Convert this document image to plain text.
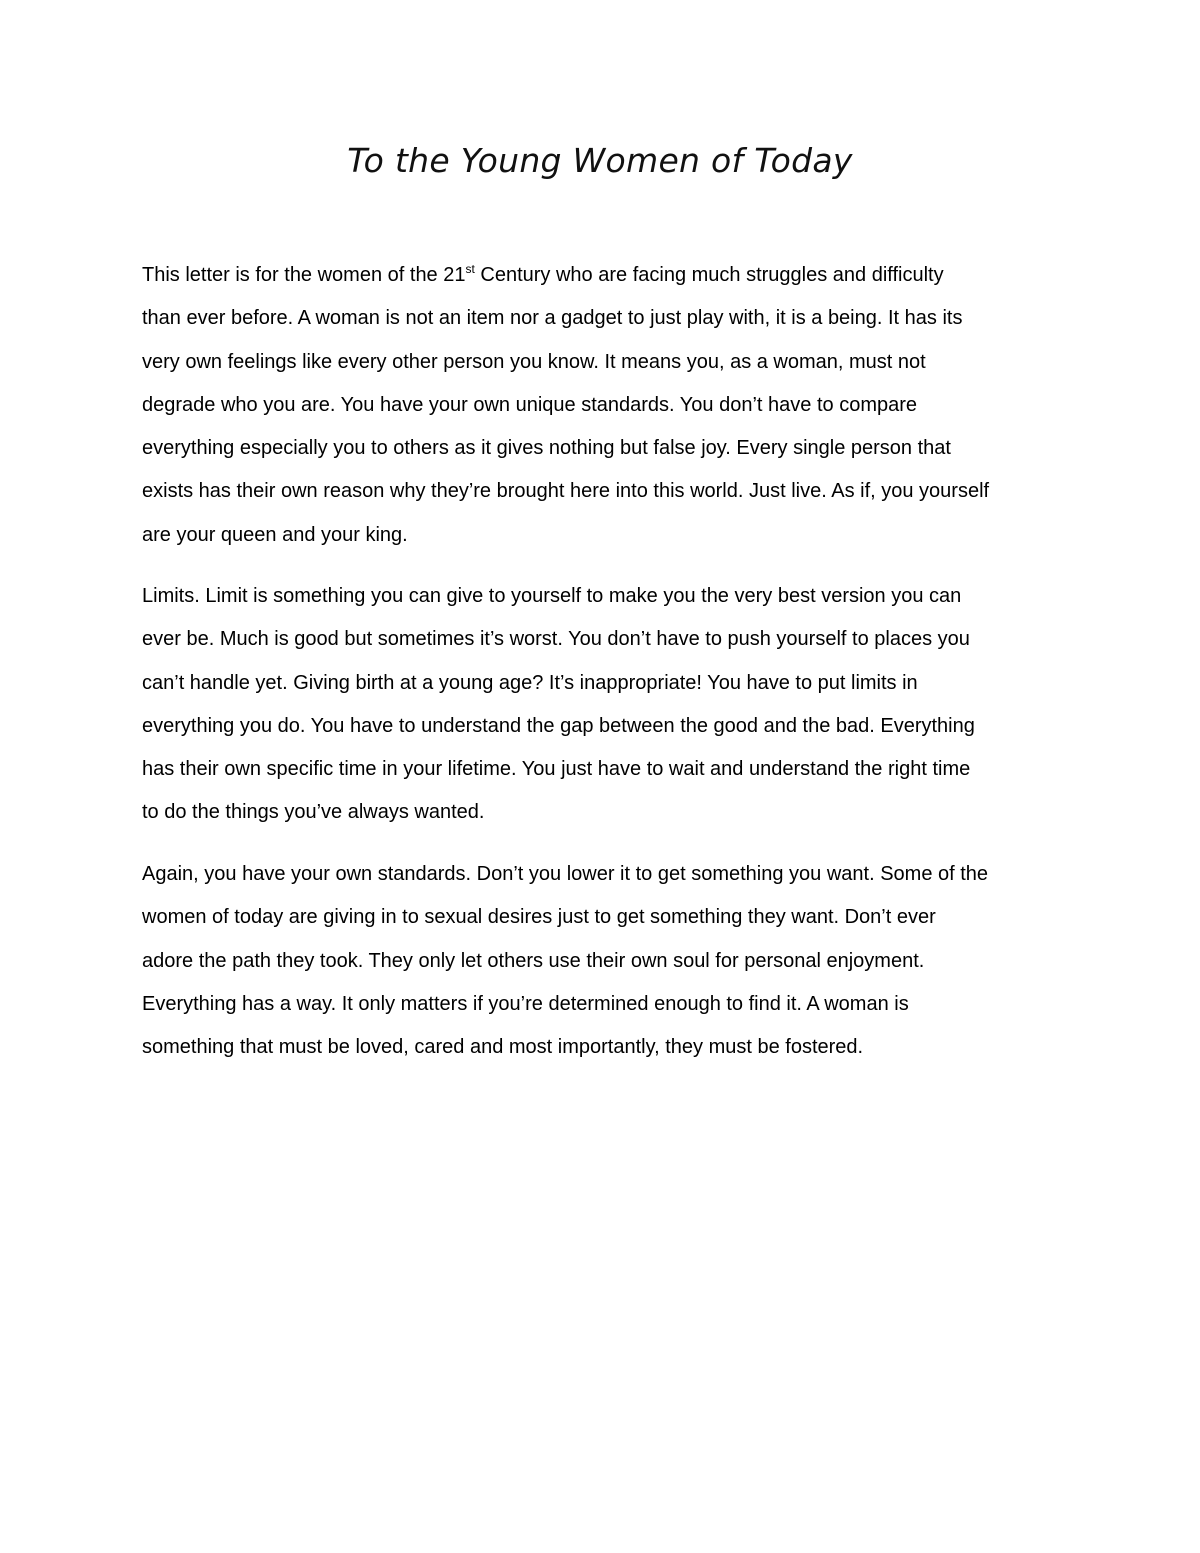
To the Young Women of Today
This letter is for the women of the 21st Century who are facing much struggles and difficulty
than ever before. A woman is not an item nor a gadget to just play with, it is a being. It has its
very own feelings like every other person you know. It means you, as a woman, must not
degrade who you are. You have your own unique standards. You don’t have to compare
everything especially you to others as it gives nothing but false joy. Every single person that
exists has their own reason why they’re brought here into this world. Just live. As if, you yourself
are your queen and your king.
Limits. Limit is something you can give to yourself to make you the very best version you can
ever be. Much is good but sometimes it’s worst. You don’t have to push yourself to places you
can’t handle yet. Giving birth at a young age? It’s inappropriate! You have to put limits in
everything you do. You have to understand the gap between the good and the bad. Everything
has their own specific time in your lifetime. You just have to wait and understand the right time
to do the things you’ve always wanted.
Again, you have your own standards. Don’t you lower it to get something you want. Some of the
women of today are giving in to sexual desires just to get something they want. Don’t ever
adore the path they took. They only let others use their own soul for personal enjoyment.
Everything has a way. It only matters if you’re determined enough to find it. A woman is
something that must be loved, cared and most importantly, they must be fostered.
